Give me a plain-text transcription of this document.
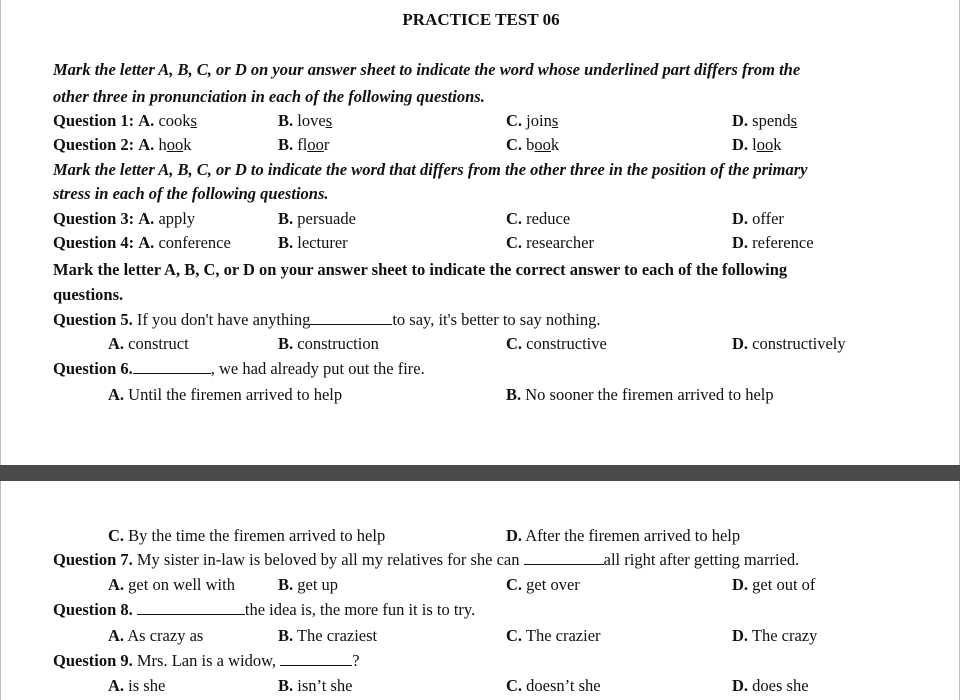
PRACTICE TEST 06
Mark the letter A, B, C, or D on your answer sheet to indicate the word whose underlined part differs from the
other three in pronunciation in each of the following questions.
Question 1: A. cooks	B. loves	C. joins	D. spends
Question 2: A. hook	B. floor	C. book	D. look
Mark the letter A, B, C, or D to indicate the word that differs from the other three in the position of the primary
stress in each of the following questions.
Question 3: A. apply	B. persuade	C. reduce	D. offer
Question 4: A. conference	B. lecturer	C. researcher	D. reference
Mark the letter A, B, C, or D on your answer sheet to indicate the correct answer to each of the following
questions.
Question 5. If you don't have anything	to say, it's better to say nothing.
A. construct	B. construction	C. constructive	D. constructively
Question 6.	, we had already put out the fire.
A. Until the firemen arrived to help	B. No sooner the firemen arrived to help
C. By the time the firemen arrived to help	D. After the firemen arrived to help
Question 7. My sister in-law is beloved by all my relatives for she can	all right after getting married.
A. get on well with	B. get up	C. get over	D. get out of
Question 8.	the idea is, the more fun it is to try.
A. As crazy as	B. The craziest	C. The crazier	D. The crazy
Question 9. Mrs. Lan is a widow,	?
A. is she	B. isn’t she	C. doesn’t she	D. does she
